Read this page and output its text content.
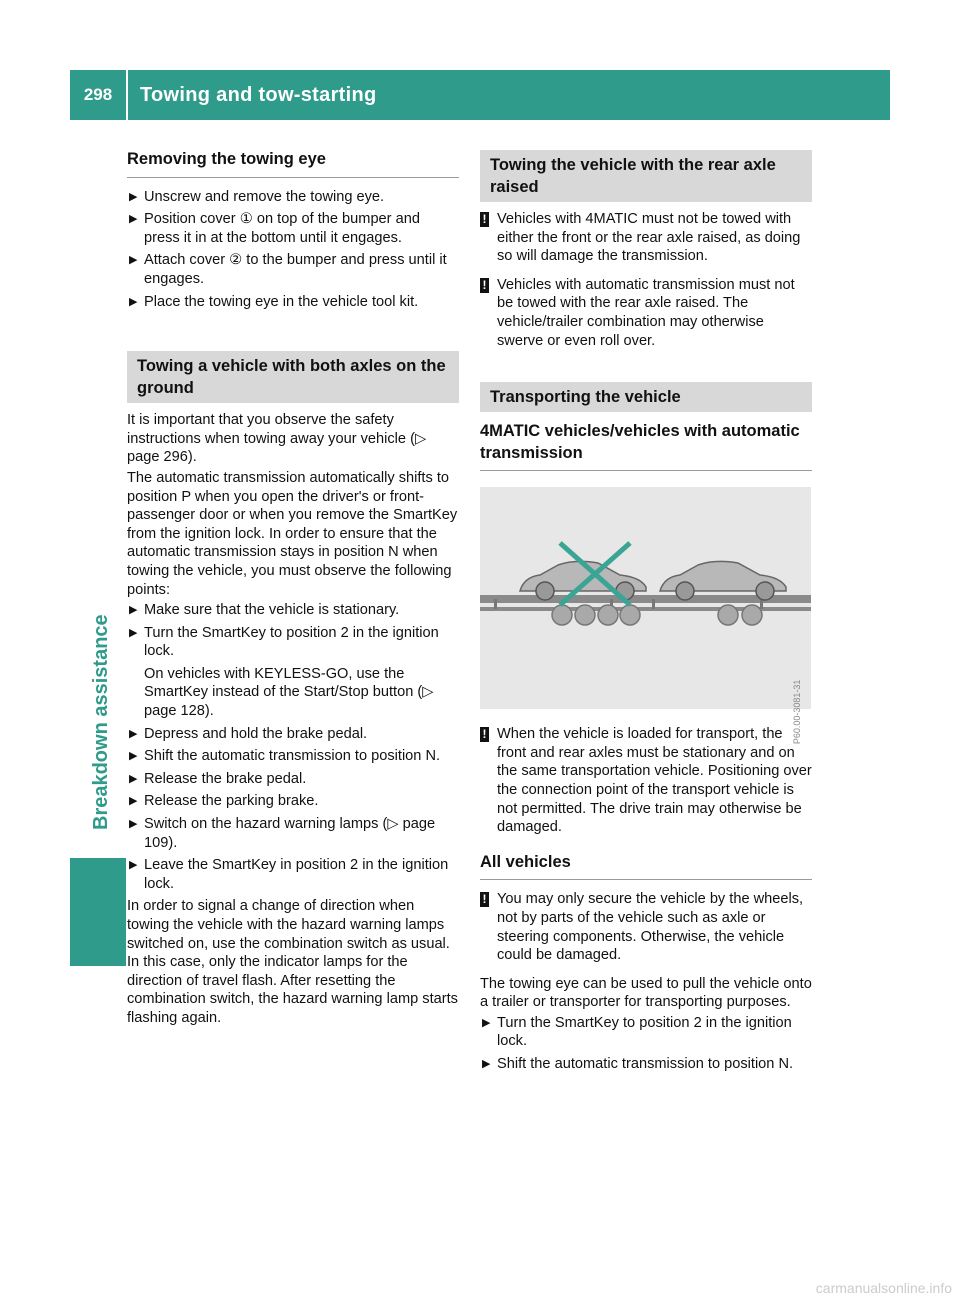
298	Towing and tow-starting
Breakdown assistance
Removing the towing eye
▶ Unscrew and remove the towing eye.
▶ Position cover ① on top of the bumper and press it in at the bottom until it engages.
▶ Attach cover ② to the bumper and press until it engages.
▶ Place the towing eye in the vehicle tool kit.
Towing a vehicle with both axles on the ground

It is important that you observe the safety instructions when towing away your vehicle (▷ page 296).

The automatic transmission automatically shifts to position P when you open the driver's or front-passenger door or when you remove the SmartKey from the ignition lock. In order to ensure that the automatic transmission stays in position N when towing the vehicle, you must observe the following points:

▶ Make sure that the vehicle is stationary.
▶ Turn the SmartKey to position 2 in the ignition lock.
On vehicles with KEYLESS-GO, use the SmartKey instead of the Start/Stop button (▷ page 128).
▶ Depress and hold the brake pedal.
▶ Shift the automatic transmission to position N.
▶ Release the brake pedal.
▶ Release the parking brake.
▶ Switch on the hazard warning lamps (▷ page 109).
▶ Leave the SmartKey in position 2 in the ignition lock.

In order to signal a change of direction when towing the vehicle with the hazard warning lamps switched on, use the combination switch as usual. In this case, only the indicator lamps for the direction of travel flash. After resetting the combination switch, the hazard warning lamp starts flashing again.

Towing the vehicle with the rear axle raised
! Vehicles with 4MATIC must not be towed with either the front or the rear axle raised, as doing so will damage the transmission.
! Vehicles with automatic transmission must not be towed with the rear axle raised. The vehicle/trailer combination may otherwise swerve or even roll over.
Transporting the vehicle
4MATIC vehicles/vehicles with automatic transmission
P60.00-3081-31
! When the vehicle is loaded for transport, the front and rear axles must be stationary and on the same transportation vehicle. Positioning over the connection point of the transport vehicle is not permitted. The drive train may otherwise be damaged.
All vehicles
! You may only secure the vehicle by the wheels, not by parts of the vehicle such as axle or steering components. Otherwise, the vehicle could be damaged.

The towing eye can be used to pull the vehicle onto a trailer or transporter for transporting purposes.

▶ Turn the SmartKey to position 2 in the ignition lock.
▶ Shift the automatic transmission to position N.
carmanualsonline.info
